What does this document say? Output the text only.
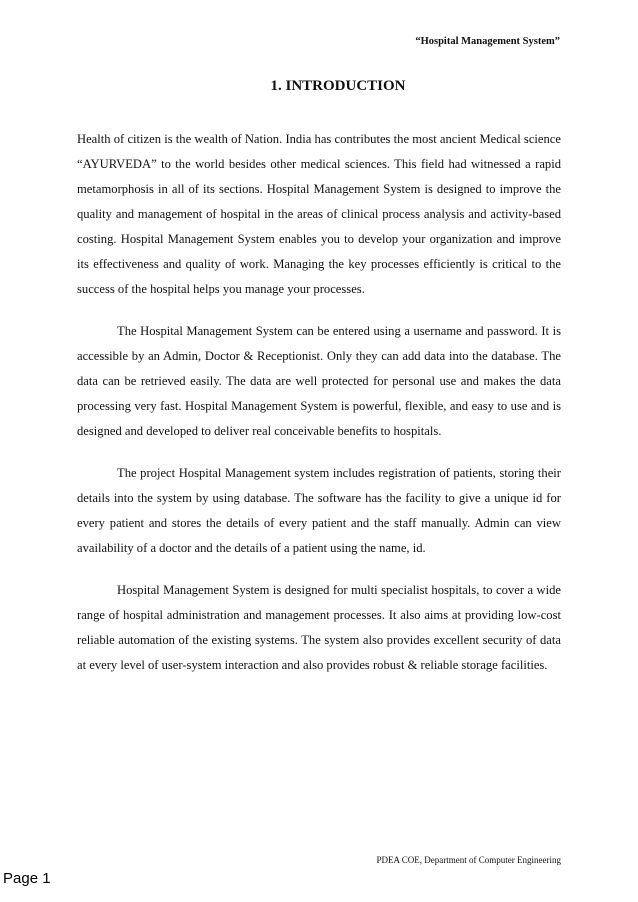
“Hospital Management System”
1. INTRODUCTION

Health of citizen is the wealth of Nation. India has contributes the most ancient Medical science “AYURVEDA” to the world besides other medical sciences. This field had witnessed a rapid metamorphosis in all of its sections. Hospital Management System is designed to improve the quality and management of hospital in the areas of clinical process analysis and activity-based costing. Hospital Management System enables you to develop your organization and improve its effectiveness and quality of work. Managing the key processes efficiently is critical to the success of the hospital helps you manage your processes.

The Hospital Management System can be entered using a username and password. It is accessible by an Admin, Doctor & Receptionist. Only they can add data into the database. The data can be retrieved easily. The data are well protected for personal use and makes the data processing very fast. Hospital Management System is powerful, flexible, and easy to use and is designed and developed to deliver real conceivable benefits to hospitals.

The project Hospital Management system includes registration of patients, storing their details into the system by using database. The software has the facility to give a unique id for every patient and stores the details of every patient and the staff manually. Admin can view availability of a doctor and the details of a patient using the name, id.

Hospital Management System is designed for multi specialist hospitals, to cover a wide range of hospital administration and management processes. It also aims at providing low-cost reliable automation of the existing systems. The system also provides excellent security of data at every level of user-system interaction and also provides robust & reliable storage facilities.

PDEA COE, Department of Computer Engineering
Page 1
